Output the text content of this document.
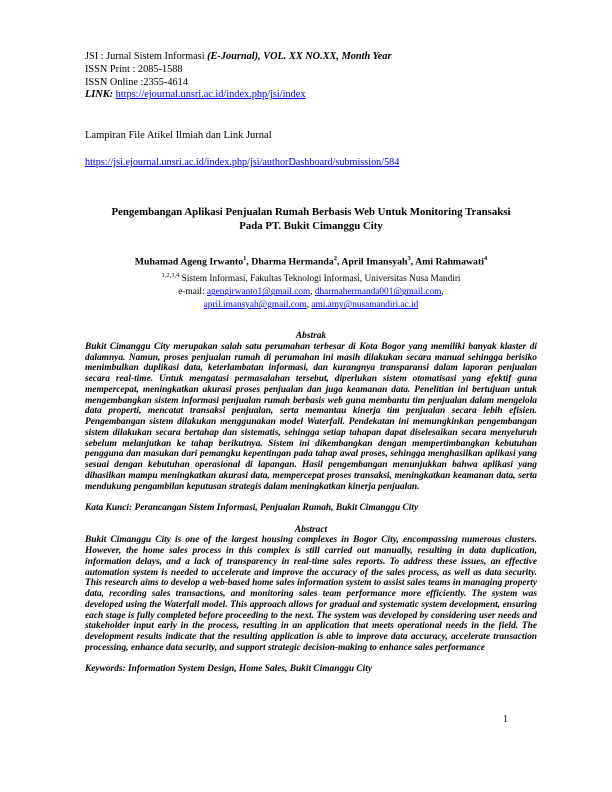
JSI : Jurnal Sistem Informasi (E-Journal), VOL. XX NO.XX, Month Year
ISSN Print : 2085-1588
ISSN Online :2355-4614
LINK: https://ejournal.unsri.ac.id/index.php/jsi/index
Lampiran File Atikel Ilmiah dan Link Jurnal
https://jsi.ejournal.unsri.ac.id/index.php/jsi/authorDashboard/submission/584
Pengembangan Aplikasi Penjualan Rumah Berbasis Web Untuk Monitoring Transaksi Pada PT. Bukit Cimanggu City
Muhamad Ageng Irwanto$^1$, Dharma Hermanda$^2$, April Imansyah$^3$, Ami Rahmawati$^4$
$^{1,2,3,4}$ Sistem Informasi, Fakultas Teknologi Informasi, Universitas Nusa Mandiri
e-mail: agengirwanto1@gmail.com, dharmahermanda001@gmail.com,
april.imansyah@gmail.com, ami.amy@nusamandiri.ac.id
Abstrak
Bukit Cimanggu City merupakan salah satu perumahan terbesar di Kota Bogor yang memiliki banyak klaster di dalamnya. Namun, proses penjualan rumah di perumahan ini masih dilakukan secara manual sehingga berisiko menimbulkan duplikasi data, keterlambatan informasi, dan kurangnya transparansi dalam laporan penjualan secara real-time. Untuk mengatasi permasalahan tersebut, diperlukan sistem otomatisasi yang efektif guna mempercepat, meningkatkan akurasi proses penjualan dan juga keamanan data. Penelitian ini bertujuan untuk mengembangkan sistem informasi penjualan rumah berbasis web guna membantu tim penjualan dalam mengelola data properti, mencatat transaksi penjualan, serta memantau kinerja tim penjualan secara lebih efisien. Pengembangan sistem dilakukan menggunakan model Waterfall. Pendekatan ini memungkinkan pengembangan sistem dilakukan secara bertahap dan sistematis, sehingga setiap tahapan dapat diselesaikan secara menyeluruh sebelum melanjutkan ke tahap berikutnya. Sistem ini dikembangkan dengan mempertimbangkan kebutuhan pengguna dan masukan dari pemangku kepentingan pada tahap awal proses, sehingga menghasilkan aplikasi yang sesuai dengan kebutuhan operasional di lapangan. Hasil pengembangan menunjukkan bahwa aplikasi yang dihasilkan mampu meningkatkan akurasi data, mempercepat proses transaksi, meningkatkan keamanan data, serta mendukung pengambilan keputusan strategis dalam meningkatkan kinerja penjualan.
Kata Kunci: Perancangan Sistem Informasi, Penjualan Rumah, Bukit Cimanggu City
Abstract
Bukit Cimanggu City is one of the largest housing complexes in Bogor City, encompassing numerous clusters. However, the home sales process in this complex is still carried out manually, resulting in data duplication, information delays, and a lack of transparency in real-time sales reports. To address these issues, an effective automation system is needed to accelerate and improve the accuracy of the sales process, as well as data security. This research aims to develop a web-based home sales information system to assist sales teams in managing property data, recording sales transactions, and monitoring sales team performance more efficiently. The system was developed using the Waterfall model. This approach allows for gradual and systematic system development, ensuring each stage is fully completed before proceeding to the next. The system was developed by considering user needs and stakeholder input early in the process, resulting in an application that meets operational needs in the field. The development results indicate that the resulting application is able to improve data accuracy, accelerate transaction processing, enhance data security, and support strategic decision-making to enhance sales performance
Keywords: Information System Design, Home Sales, Bukit Cimanggu City
1
